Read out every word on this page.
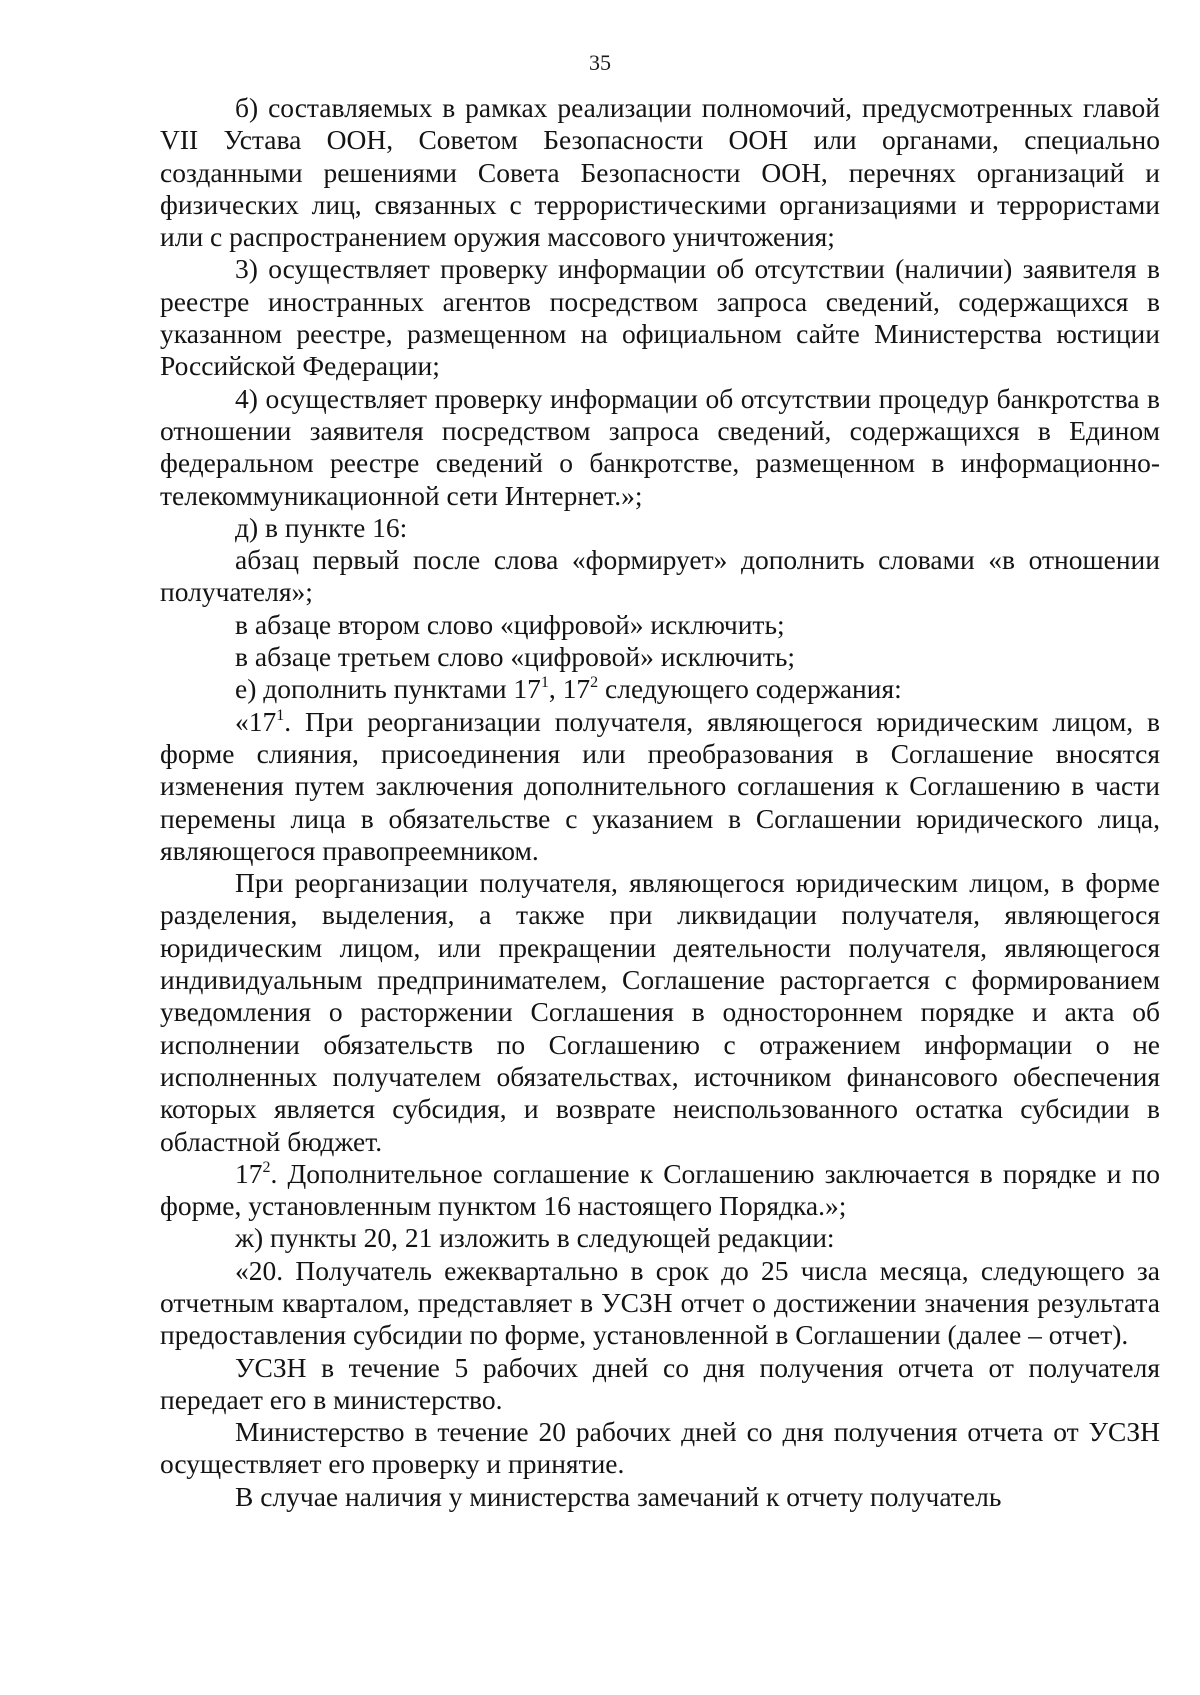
35

б) составляемых в рамках реализации полномочий, предусмотренных главой VII Устава ООН, Советом Безопасности ООН или органами, специально созданными решениями Совета Безопасности ООН, перечнях организаций и физических лиц, связанных с террористическими организациями и террористами или с распространением оружия массового уничтожения;

3) осуществляет проверку информации об отсутствии (наличии) заявителя в реестре иностранных агентов посредством запроса сведений, содержащихся в указанном реестре, размещенном на официальном сайте Министерства юстиции Российской Федерации;

4) осуществляет проверку информации об отсутствии процедур банкротства в отношении заявителя посредством запроса сведений, содержащихся в Едином федеральном реестре сведений о банкротстве, размещенном в информационно-телекоммуникационной сети Интернет.»;

д) в пункте 16:

абзац первый после слова «формирует» дополнить словами «в отношении получателя»;

в абзаце втором слово «цифровой» исключить;

в абзаце третьем слово «цифровой» исключить;

е) дополнить пунктами $17^1$, $17^2$ следующего содержания:

«$17^1$. При реорганизации получателя, являющегося юридическим лицом, в форме слияния, присоединения или преобразования в Соглашение вносятся изменения путем заключения дополнительного соглашения к Соглашению в части перемены лица в обязательстве с указанием в Соглашении юридического лица, являющегося правопреемником.

При реорганизации получателя, являющегося юридическим лицом, в форме разделения, выделения, а также при ликвидации получателя, являющегося юридическим лицом, или прекращении деятельности получателя, являющегося индивидуальным предпринимателем, Соглашение расторгается с формированием уведомления о расторжении Соглашения в одностороннем порядке и акта об исполнении обязательств по Соглашению с отражением информации о не исполненных получателем обязательствах, источником финансового обеспечения которых является субсидия, и возврате неиспользованного остатка субсидии в областной бюджет.

$17^2$. Дополнительное соглашение к Соглашению заключается в порядке и по форме, установленным пунктом 16 настоящего Порядка.»;

ж) пункты 20, 21 изложить в следующей редакции:

«20. Получатель ежеквартально в срок до 25 числа месяца, следующего за отчетным кварталом, представляет в УСЗН отчет о достижении значения результата предоставления субсидии по форме, установленной в Соглашении (далее – отчет).

УСЗН в течение 5 рабочих дней со дня получения отчета от получателя передает его в министерство.

Министерство в течение 20 рабочих дней со дня получения отчета от УСЗН осуществляет его проверку и принятие.

В случае наличия у министерства замечаний к отчету получатель
